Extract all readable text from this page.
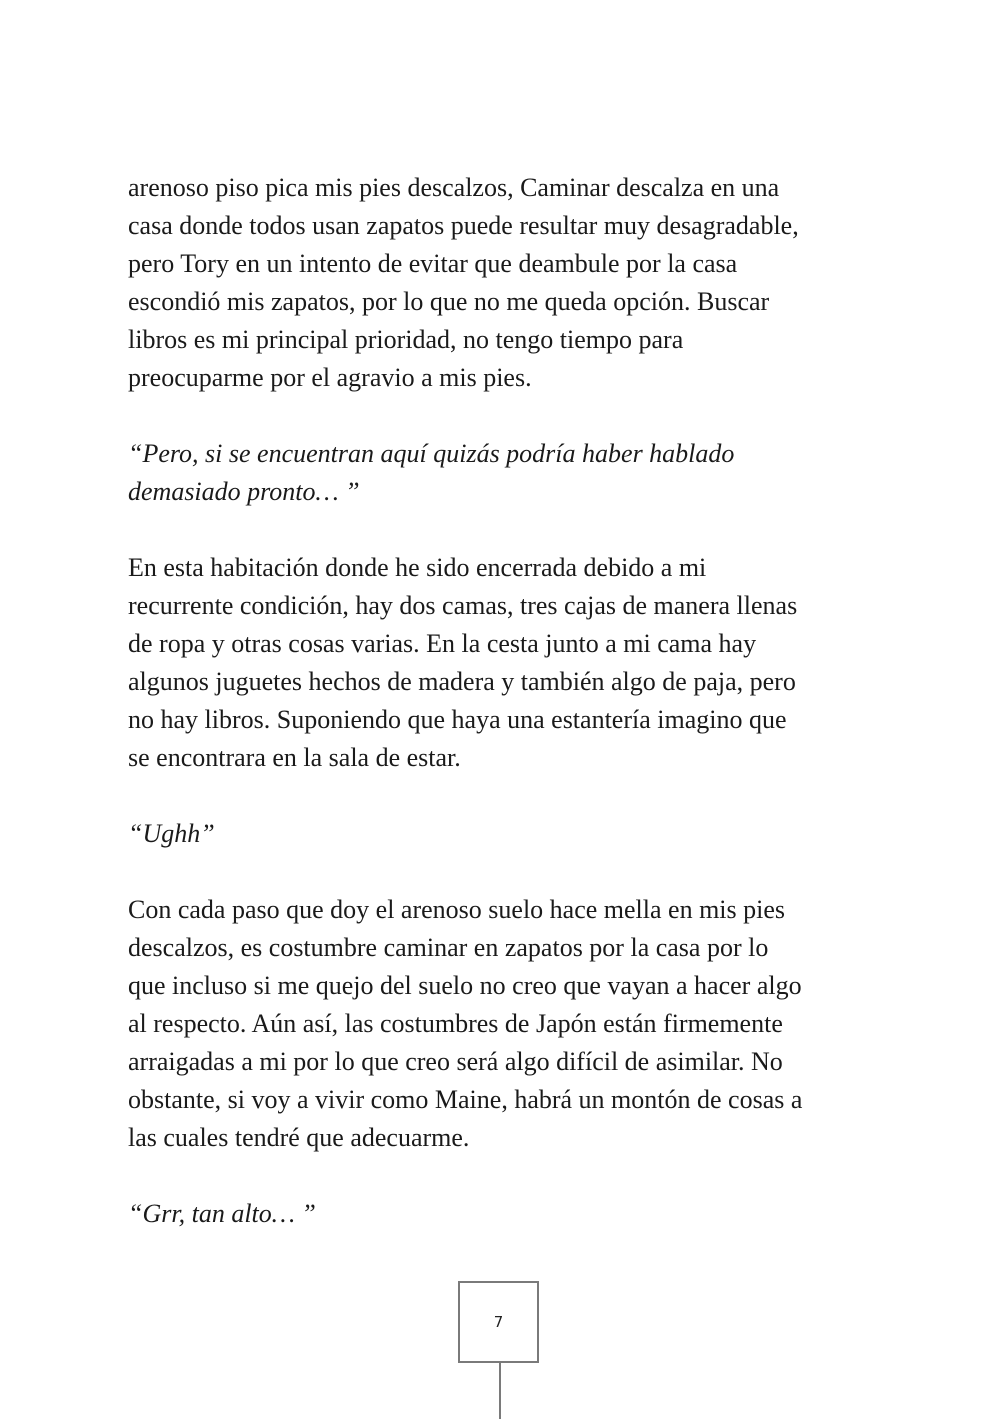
arenoso piso pica mis pies descalzos, Caminar descalza en una
casa donde todos usan zapatos puede resultar muy desagradable,
pero Tory en un intento de evitar que deambule por la casa
escondió mis zapatos, por lo que no me queda opción. Buscar
libros es mi principal prioridad, no tengo tiempo para
preocuparme por el agravio a mis pies.

“Pero, si se encuentran aquí quizás podría haber hablado
demasiado pronto… ”

En esta habitación donde he sido encerrada debido a mi
recurrente condición, hay dos camas, tres cajas de manera llenas
de ropa y otras cosas varias. En la cesta junto a mi cama hay
algunos juguetes hechos de madera y también algo de paja, pero
no hay libros. Suponiendo que haya una estantería imagino que
se encontrara en la sala de estar.

“Ughh”

Con cada paso que doy el arenoso suelo hace mella en mis pies
descalzos, es costumbre caminar en zapatos por la casa por lo
que incluso si me quejo del suelo no creo que vayan a hacer algo
al respecto. Aún así, las costumbres de Japón están firmemente
arraigadas a mi por lo que creo será algo difícil de asimilar. No
obstante, si voy a vivir como Maine, habrá un montón de cosas a
las cuales tendré que adecuarme.

“Grr, tan alto… ”

7
